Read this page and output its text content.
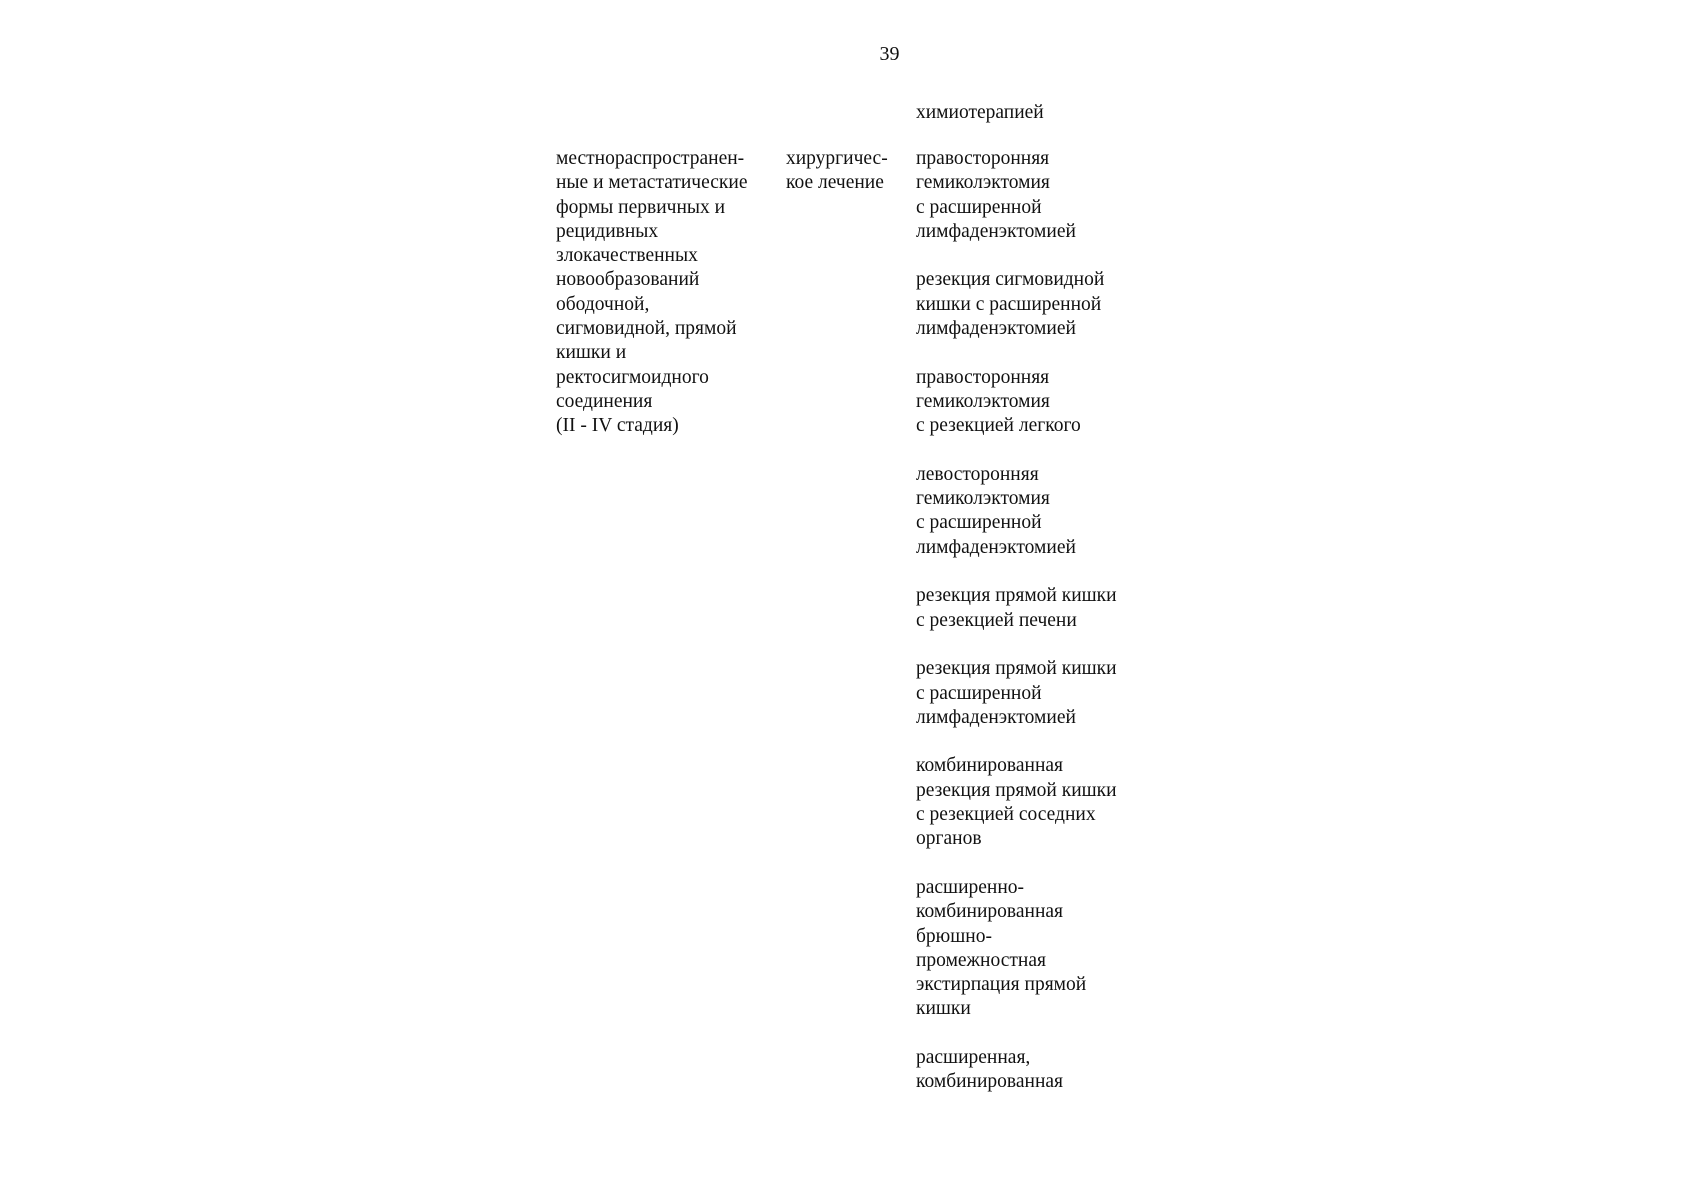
39
химиотерапией
местнораспространен-
ные и метастатические
формы первичных и
рецидивных
злокачественных
новообразований
ободочной,
сигмовидной, прямой
кишки и
ректосигмоидного
соединения
(II - IV стадия)
хирургичес-
кое лечение
правосторонняя
гемиколэктомия
с расширенной
лимфаденэктомией
резекция сигмовидной
кишки с расширенной
лимфаденэктомией
правосторонняя
гемиколэктомия
с резекцией легкого
левосторонняя
гемиколэктомия
с расширенной
лимфаденэктомией
резекция прямой кишки
с резекцией печени
резекция прямой кишки
с расширенной
лимфаденэктомией
комбинированная
резекция прямой кишки
с резекцией соседних
органов
расширенно-
комбинированная
брюшно-
промежностная
экстирпация прямой
кишки
расширенная,
комбинированная
